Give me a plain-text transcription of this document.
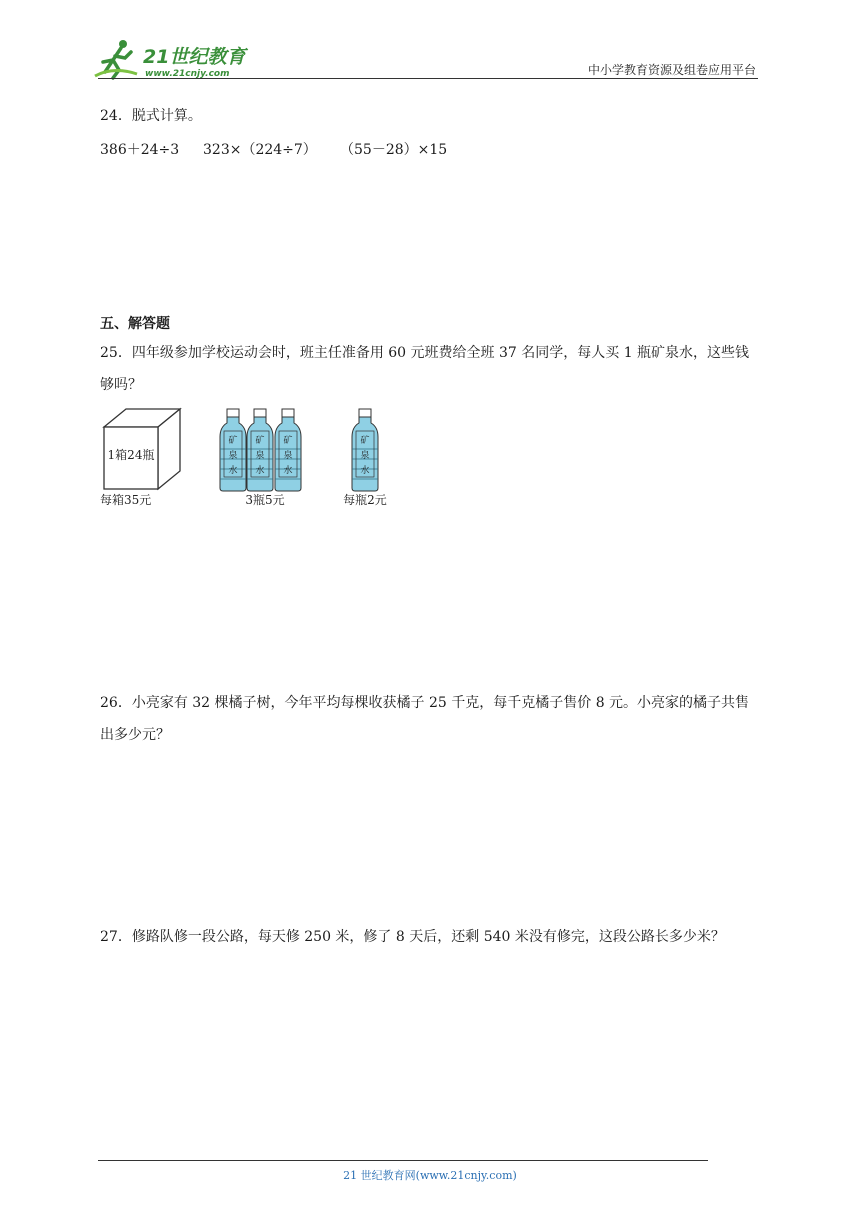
21世纪教育
www.21cnjy.com	中小学教育资源及组卷应用平台
24．脱式计算。
386＋24÷3 323×（224÷7） （55－28）×15
五、解答题
25．四年级参加学校运动会时，班主任准备用 60 元班费给全班 37 名同学，每人买 1 瓶矿泉水，这些钱够吗？
1箱24瓶
每箱35元
矿
泉
水
矿
泉
水
矿
泉
水
3瓶5元
矿
泉
水
每瓶2元
26．小亮家有 32 棵橘子树，今年平均每棵收获橘子 25 千克，每千克橘子售价 8 元。小亮家的橘子共售出多少元？
27．修路队修一段公路，每天修 250 米，修了 8 天后，还剩 540 米没有修完，这段公路长多少米？
21 世纪教育网(www.21cnjy.com)
